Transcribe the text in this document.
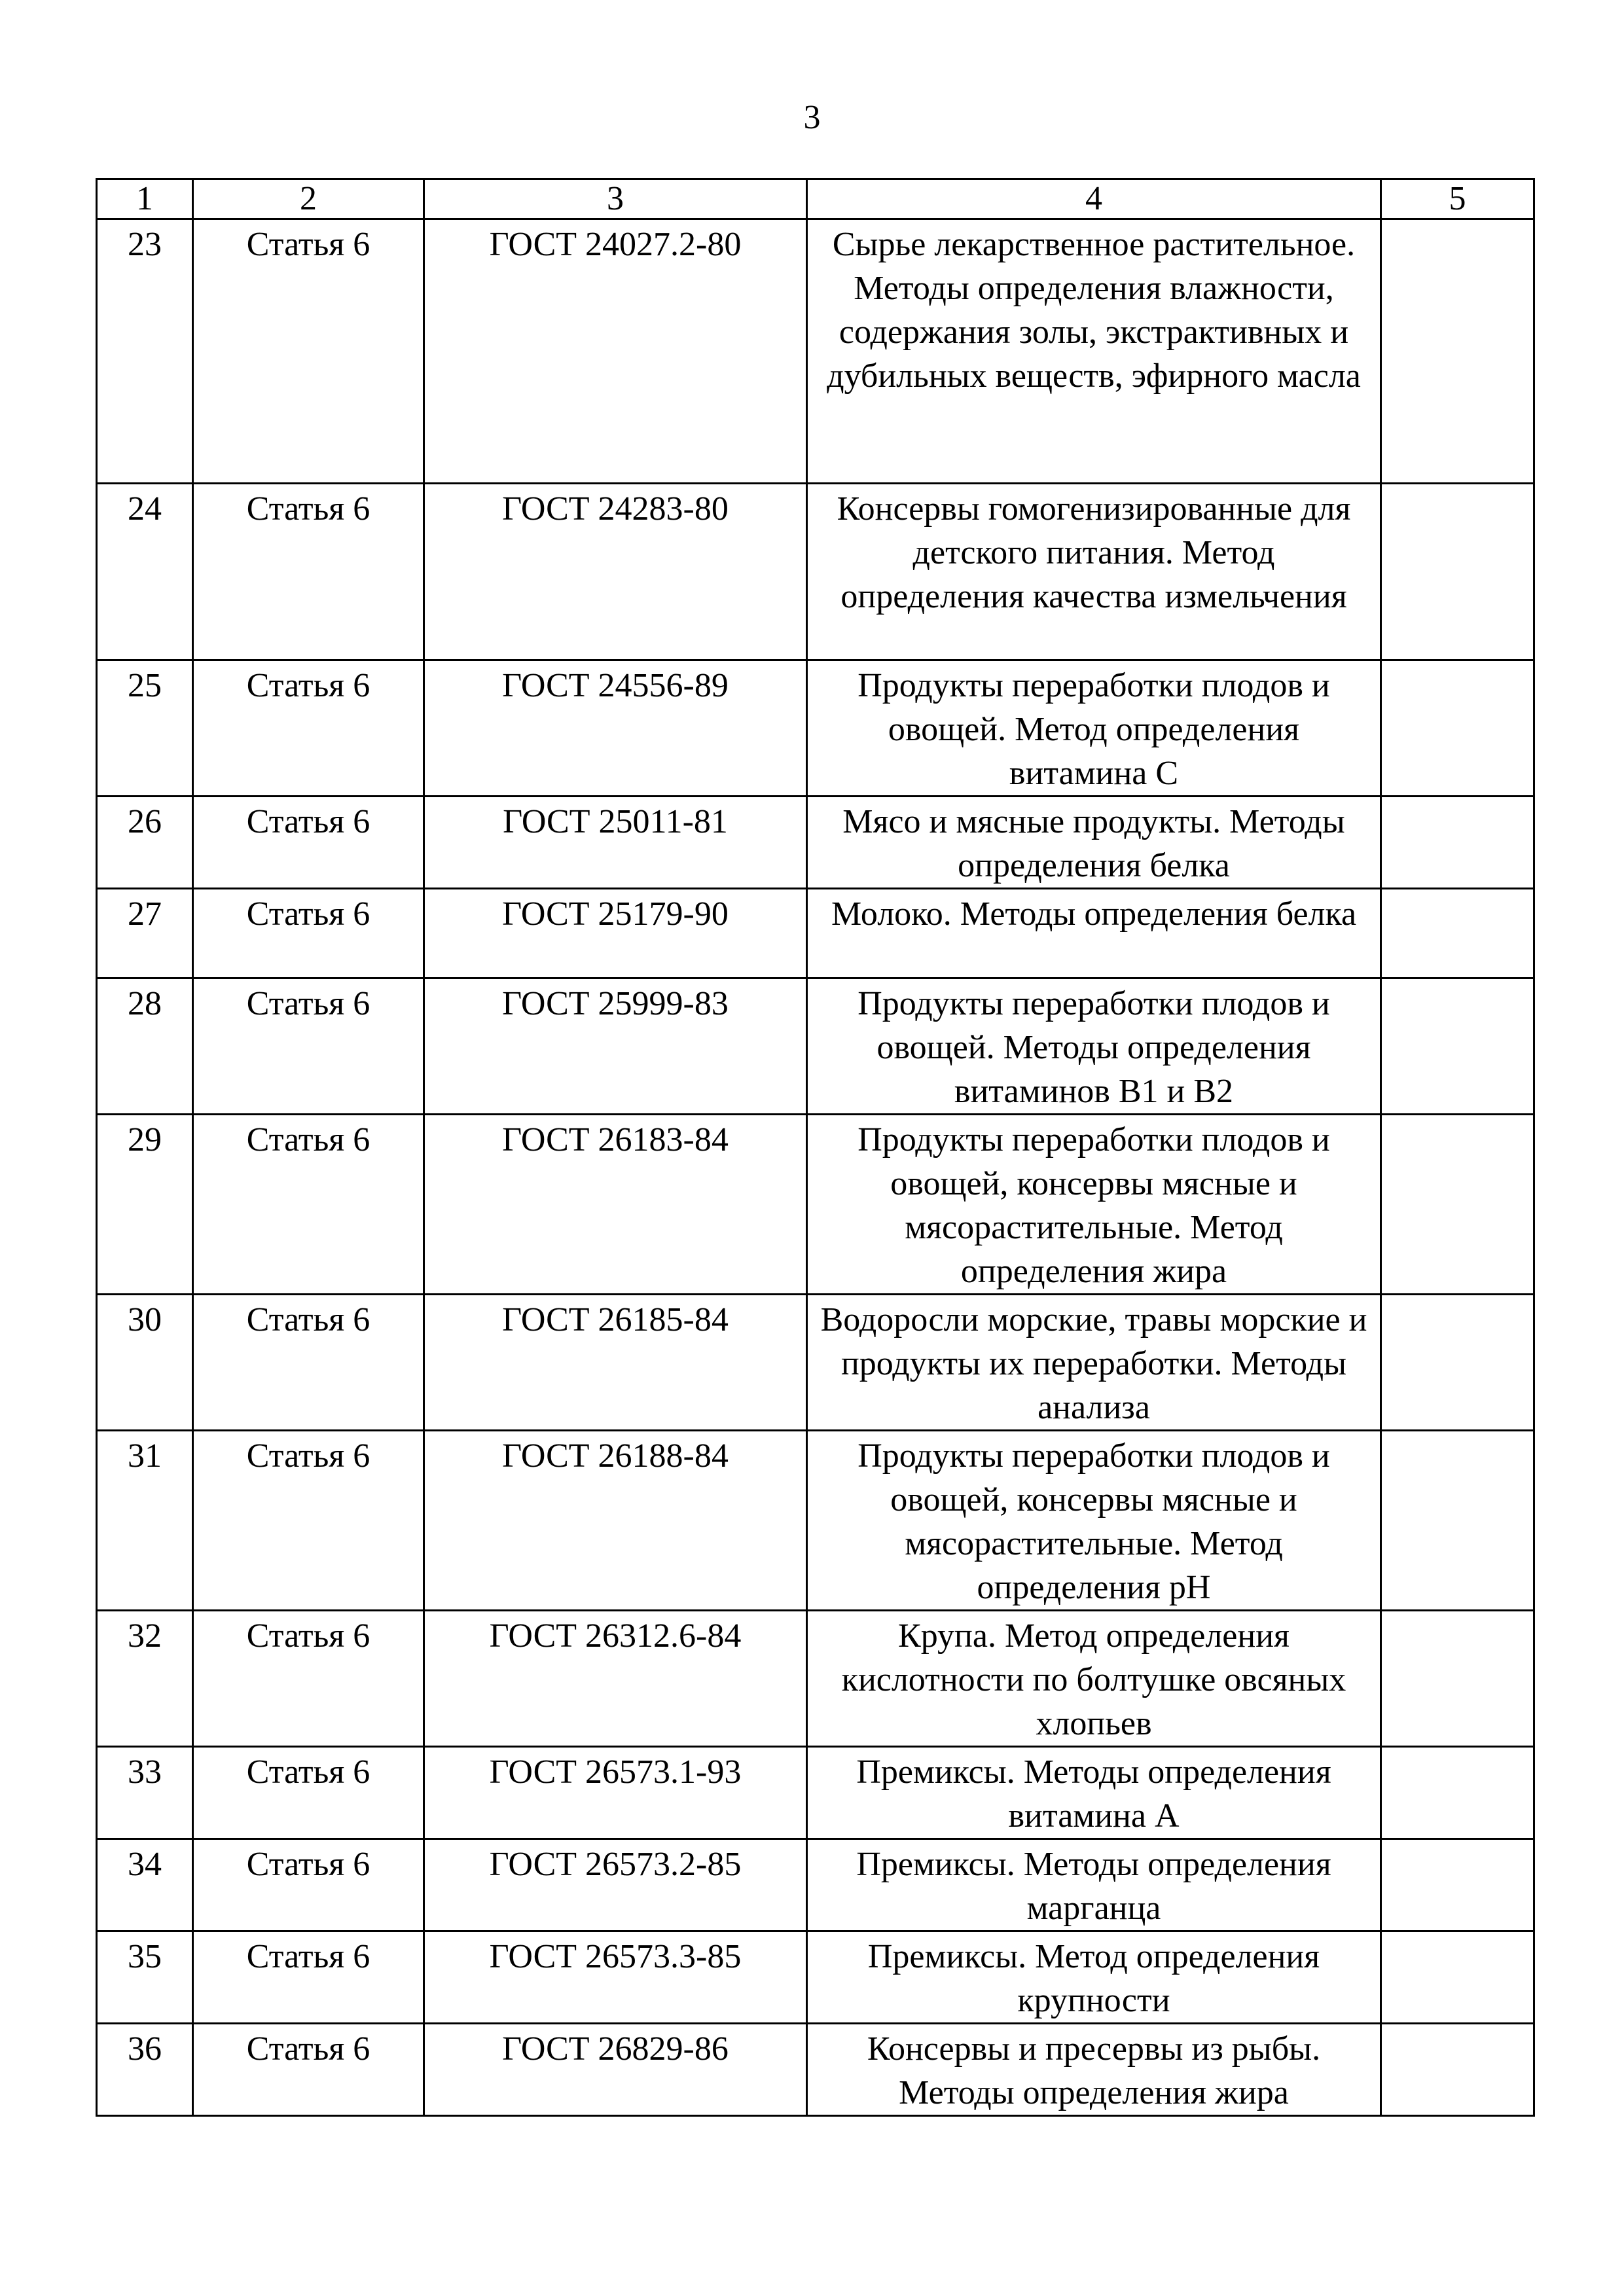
3
1	2	3	4	5
23	Статья 6	ГОСТ 24027.2-80	Сырье лекарственное растительное. Методы определения влажности, содержания золы, экстрактивных и дубильных веществ, эфирного масла	
24	Статья 6	ГОСТ 24283-80	Консервы гомогенизированные для детского питания. Метод определения качества измельчения	
25	Статья 6	ГОСТ 24556-89	Продукты переработки плодов и овощей. Метод определения витамина С	
26	Статья 6	ГОСТ 25011-81	Мясо и мясные продукты. Методы определения белка	
27	Статья 6	ГОСТ 25179-90	Молоко. Методы определения белка	
28	Статья 6	ГОСТ 25999-83	Продукты переработки плодов и овощей. Методы определения витаминов В1 и В2	
29	Статья 6	ГОСТ 26183-84	Продукты переработки плодов и овощей, консервы мясные и мясорастительные. Метод определения жира	
30	Статья 6	ГОСТ 26185-84	Водоросли морские, травы морские и продукты их переработки. Методы анализа	
31	Статья 6	ГОСТ 26188-84	Продукты переработки плодов и овощей, консервы мясные и мясорастительные. Метод определения pH	
32	Статья 6	ГОСТ 26312.6-84	Крупа. Метод определения кислотности по болтушке овсяных хлопьев	
33	Статья 6	ГОСТ 26573.1-93	Премиксы. Методы определения витамина А	
34	Статья 6	ГОСТ 26573.2-85	Премиксы. Методы определения марганца	
35	Статья 6	ГОСТ 26573.3-85	Премиксы. Метод определения крупности	
36	Статья 6	ГОСТ 26829-86	Консервы и пресервы из рыбы. Методы определения жира	
